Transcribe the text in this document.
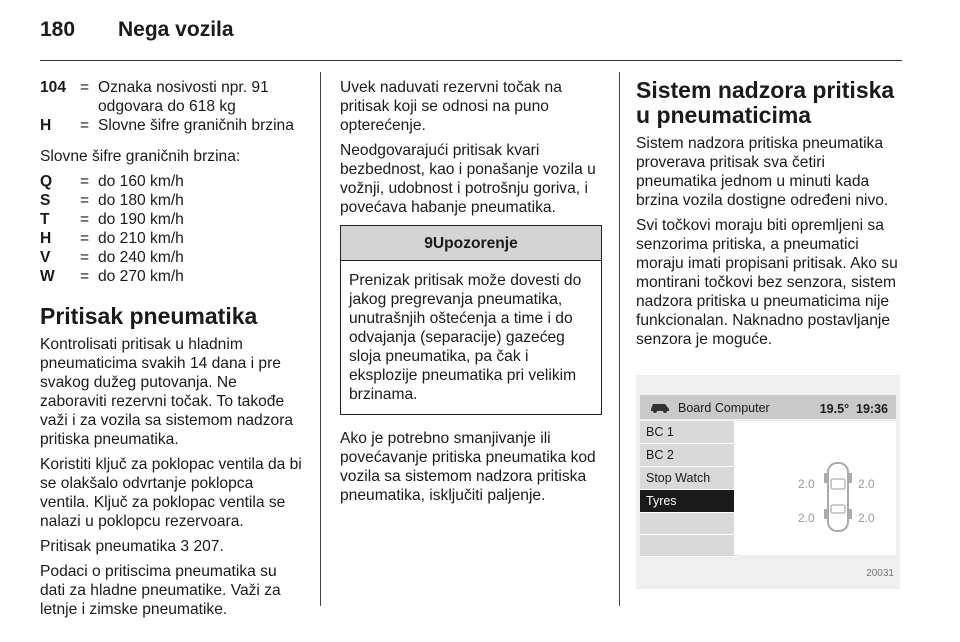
180 Nega vozila
104 = Oznaka nosivosti npr. 91 odgovara do 618 kg
H	= Slovne šifre graničnih brzina

Slovne šifre graničnih brzina:

Q	= do 160 km/h
S	= do 180 km/h
T	= do 190 km/h
H	= do 210 km/h
V	= do 240 km/h
W	= do 270 km/h
Pritisak pneumatika

Kontrolisati pritisak u hladnim pneumaticima svakih 14 dana i pre svakog dužeg putovanja. Ne zaboraviti rezervni točak. To takođe važi i za vozila sa sistemom nadzora pritiska pneumatika.

Koristiti ključ za poklopac ventila da bi se olakšalo odvrtanje poklopca ventila. Ključ za poklopac ventila se nalazi u poklopcu rezervoara.

Pritisak pneumatika 3 207.

Podaci o pritiscima pneumatika su dati za hladne pneumatike. Važi za letnje i zimske pneumatike.

Uvek naduvati rezervni točak na pritisak koji se odnosi na puno opterećenje.

Neodgovarajući pritisak kvari bezbednost, kao i ponašanje vozila u vožnji, udobnost i potrošnju goriva, i povećava habanje pneumatika.

9Upozorenje
Prenizak pritisak može dovesti do jakog pregrevanja pneumatika, unutrašnjih oštećenja a time i do odvajanja (separacije) gazećeg sloja pneumatika, pa čak i eksplozije pneumatika pri velikim brzinama.

Ako je potrebno smanjivanje ili povećavanje pritiska pneumatika kod vozila sa sistemom nadzora pritiska pneumatika, isključiti paljenje.

Sistem nadzora pritiska u pneumaticima

Sistem nadzora pritiska pneumatika proverava pritisak sva četiri pneumatika jednom u minuti kada brzina vozila dostigne određeni nivo.

Svi točkovi moraju biti opremljeni sa senzorima pritiska, a pneumatici moraju imati propisani pritisak. Ako su montirani točkovi bez senzora, sistem nadzora pritiska u pneumaticima nije funkcionalan. Naknadno postavljanje senzora je moguće.

Board Computer	19.5° 19:36
BC 1
BC 2
Stop Watch
Tyres
2.0	2.0
2.0	2.0
20031
